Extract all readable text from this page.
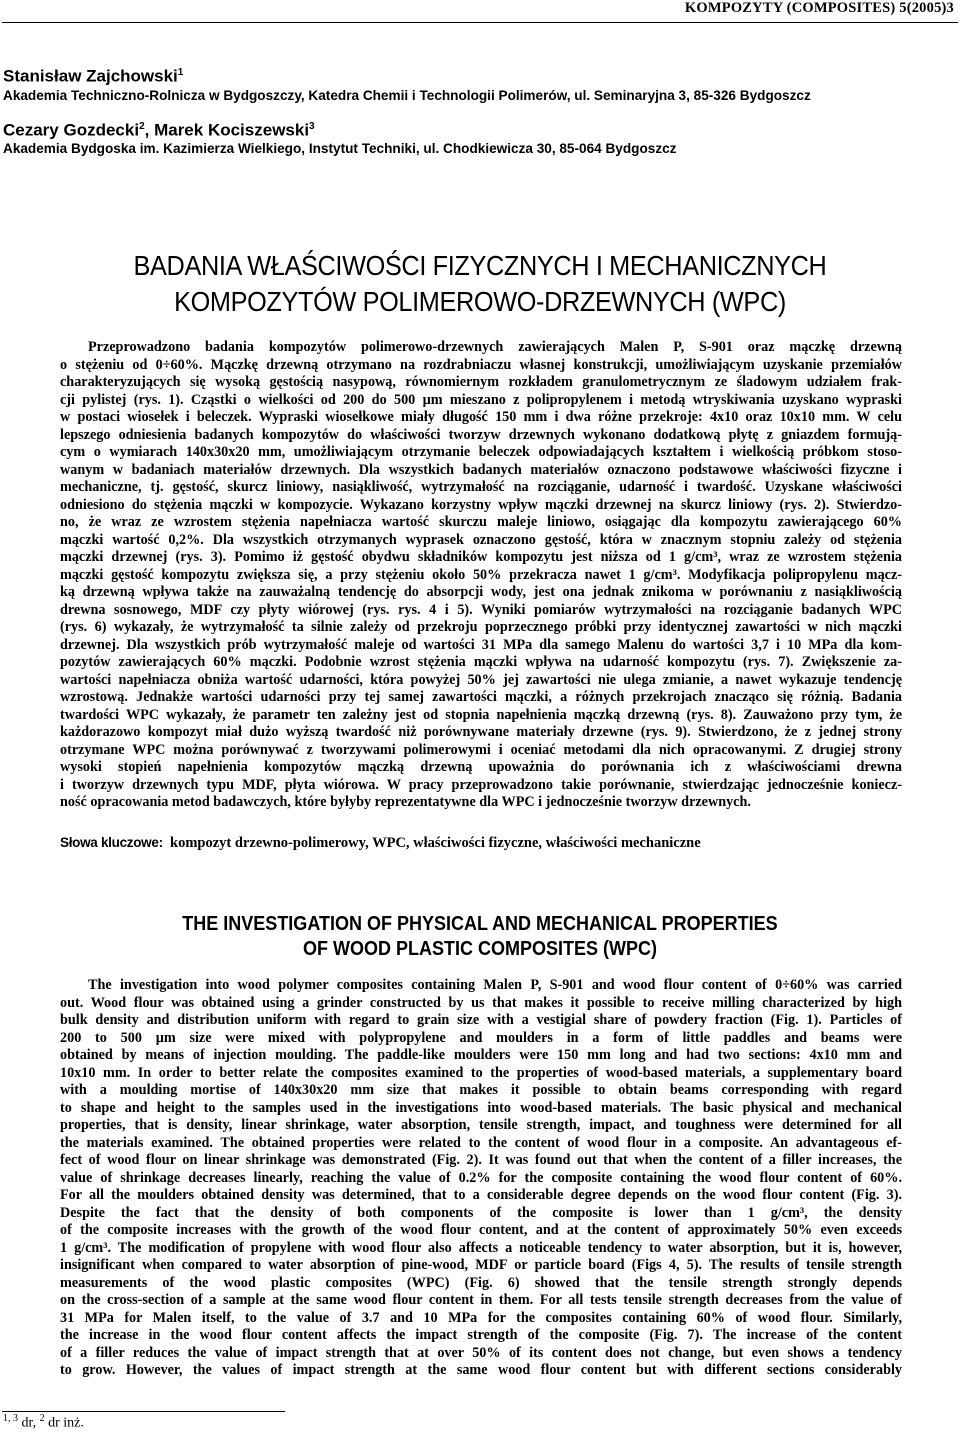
KOMPOZYTY (COMPOSITES) 5(2005)3

Stanisław Zajchowski$^1$

Akademia Techniczno-Rolnicza w Bydgoszczy, Katedra Chemii i Technologii Polimerów, ul. Seminaryjna 3, 85-326 Bydgoszcz

Cezary Gozdecki$^2$, Marek Kociszewski$^3$

Akademia Bydgoska im. Kazimierza Wielkiego, Instytut Techniki, ul. Chodkiewicza 30, 85-064 Bydgoszcz

BADANIA WŁAŚCIWOŚCI FIZYCZNYCH I MECHANICZNYCH
KOMPOZYTÓW POLIMEROWO-DRZEWNYCH (WPC)
Przeprowadzono badania kompozytów polimerowo-drzewnych zawierających Malen P, S-901 oraz mączkę drzewną
o stężeniu od 0÷60%. Mączkę drzewną otrzymano na rozdrabniaczu własnej konstrukcji, umożliwiającym uzyskanie przemiałów
charakteryzujących się wysoką gęstością nasypową, równomiernym rozkładem granulometrycznym ze śladowym udziałem frak-
cji pylistej (rys. 1). Cząstki o wielkości od 200 do 500 µm mieszano z polipropylenem i metodą wtryskiwania uzyskano wypraski
w postaci wiosełek i beleczek. Wypraski wiosełkowe miały długość 150 mm i dwa różne przekroje: 4x10 oraz 10x10 mm. W celu
lepszego odniesienia badanych kompozytów do właściwości tworzyw drzewnych wykonano dodatkową płytę z gniazdem formują-
cym o wymiarach 140x30x20 mm, umożliwiającym otrzymanie beleczek odpowiadających kształtem i wielkością próbkom stoso-
wanym w badaniach materiałów drzewnych. Dla wszystkich badanych materiałów oznaczono podstawowe właściwości fizyczne i
mechaniczne, tj. gęstość, skurcz liniowy, nasiąkliwość, wytrzymałość na rozciąganie, udarność i twardość. Uzyskane właściwości
odniesiono do stężenia mączki w kompozycie. Wykazano korzystny wpływ mączki drzewnej na skurcz liniowy (rys. 2). Stwierdzo-
no, że wraz ze wzrostem stężenia napełniacza wartość skurczu maleje liniowo, osiągając dla kompozytu zawierającego 60%
mączki wartość 0,2%. Dla wszystkich otrzymanych wyprasek oznaczono gęstość, która w znacznym stopniu zależy od stężenia
mączki drzewnej (rys. 3). Pomimo iż gęstość obydwu składników kompozytu jest niższa od 1 g/cm³, wraz ze wzrostem stężenia
mączki gęstość kompozytu zwiększa się, a przy stężeniu około 50% przekracza nawet 1 g/cm³. Modyfikacja polipropylenu mącz-
ką drzewną wpływa także na zauważalną tendencję do absorpcji wody, jest ona jednak znikoma w porównaniu z nasiąkliwością
drewna sosnowego, MDF czy płyty wiórowej (rys. rys. 4 i 5). Wyniki pomiarów wytrzymałości na rozciąganie badanych WPC
(rys. 6) wykazały, że wytrzymałość ta silnie zależy od przekroju poprzecznego próbki przy identycznej zawartości w nich mączki
drzewnej. Dla wszystkich prób wytrzymałość maleje od wartości 31 MPa dla samego Malenu do wartości 3,7 i 10 MPa dla kom-
pozytów zawierających 60% mączki. Podobnie wzrost stężenia mączki wpływa na udarność kompozytu (rys. 7). Zwiększenie za-
wartości napełniacza obniża wartość udarności, która powyżej 50% jej zawartości nie ulega zmianie, a nawet wykazuje tendencję
wzrostową. Jednakże wartości udarności przy tej samej zawartości mączki, a różnych przekrojach znacząco się różnią. Badania
twardości WPC wykazały, że parametr ten zależny jest od stopnia napełnienia mączką drzewną (rys. 8). Zauważono przy tym, że
każdorazowo kompozyt miał dużo wyższą twardość niż porównywane materiały drzewne (rys. 9). Stwierdzono, że z jednej strony
otrzymane WPC można porównywać z tworzywami polimerowymi i oceniać metodami dla nich opracowanymi. Z drugiej strony
wysoki stopień napełnienia kompozytów mączką drzewną upoważnia do porównania ich z właściwościami drewna
i tworzyw drzewnych typu MDF, płyta wiórowa. W pracy przeprowadzono takie porównanie, stwierdzając jednocześnie koniecz-
ność opracowania metod badawczych, które byłyby reprezentatywne dla WPC i jednocześnie tworzyw drzewnych.

Słowa kluczowe: kompozyt drzewno-polimerowy, WPC, właściwości fizyczne, właściwości mechaniczne

THE INVESTIGATION OF PHYSICAL AND MECHANICAL PROPERTIES
OF WOOD PLASTIC COMPOSITES (WPC)
The investigation into wood polymer composites containing Malen P, S-901 and wood flour content of 0÷60% was carried
out. Wood flour was obtained using a grinder constructed by us that makes it possible to receive milling characterized by high
bulk density and distribution uniform with regard to grain size with a vestigial share of powdery fraction (Fig. 1). Particles of
200 to 500 µm size were mixed with polypropylene and moulders in a form of little paddles and beams were
obtained by means of injection moulding. The paddle-like moulders were 150 mm long and had two sections: 4x10 mm and
10x10 mm. In order to better relate the composites examined to the properties of wood-based materials, a supplementary board
with a moulding mortise of 140x30x20 mm size that makes it possible to obtain beams corresponding with regard
to shape and height to the samples used in the investigations into wood-based materials. The basic physical and mechanical
properties, that is density, linear shrinkage, water absorption, tensile strength, impact, and toughness were determined for all
the materials examined. The obtained properties were related to the content of wood flour in a composite. An advantageous ef-
fect of wood flour on linear shrinkage was demonstrated (Fig. 2). It was found out that when the content of a filler increases, the
value of shrinkage decreases linearly, reaching the value of 0.2% for the composite containing the wood flour content of 60%.
For all the moulders obtained density was determined, that to a considerable degree depends on the wood flour content (Fig. 3).
Despite the fact that the density of both components of the composite is lower than 1 g/cm³, the density
of the composite increases with the growth of the wood flour content, and at the content of approximately 50% even exceeds
1 g/cm³. The modification of propylene with wood flour also affects a noticeable tendency to water absorption, but it is, however,
insignificant when compared to water absorption of pine-wood, MDF or particle board (Figs 4, 5). The results of tensile strength
measurements of the wood plastic composites (WPC) (Fig. 6) showed that the tensile strength strongly depends
on the cross-section of a sample at the same wood flour content in them. For all tests tensile strength decreases from the value of
31 MPa for Malen itself, to the value of 3.7 and 10 MPa for the composites containing 60% of wood flour. Similarly,
the increase in the wood flour content affects the impact strength of the composite (Fig. 7). The increase of the content
of a filler reduces the value of impact strength that at over 50% of its content does not change, but even shows a tendency
to grow. However, the values of impact strength at the same wood flour content but with different sections considerably
$^{1, 3}$ dr, $^2$ dr inż.
